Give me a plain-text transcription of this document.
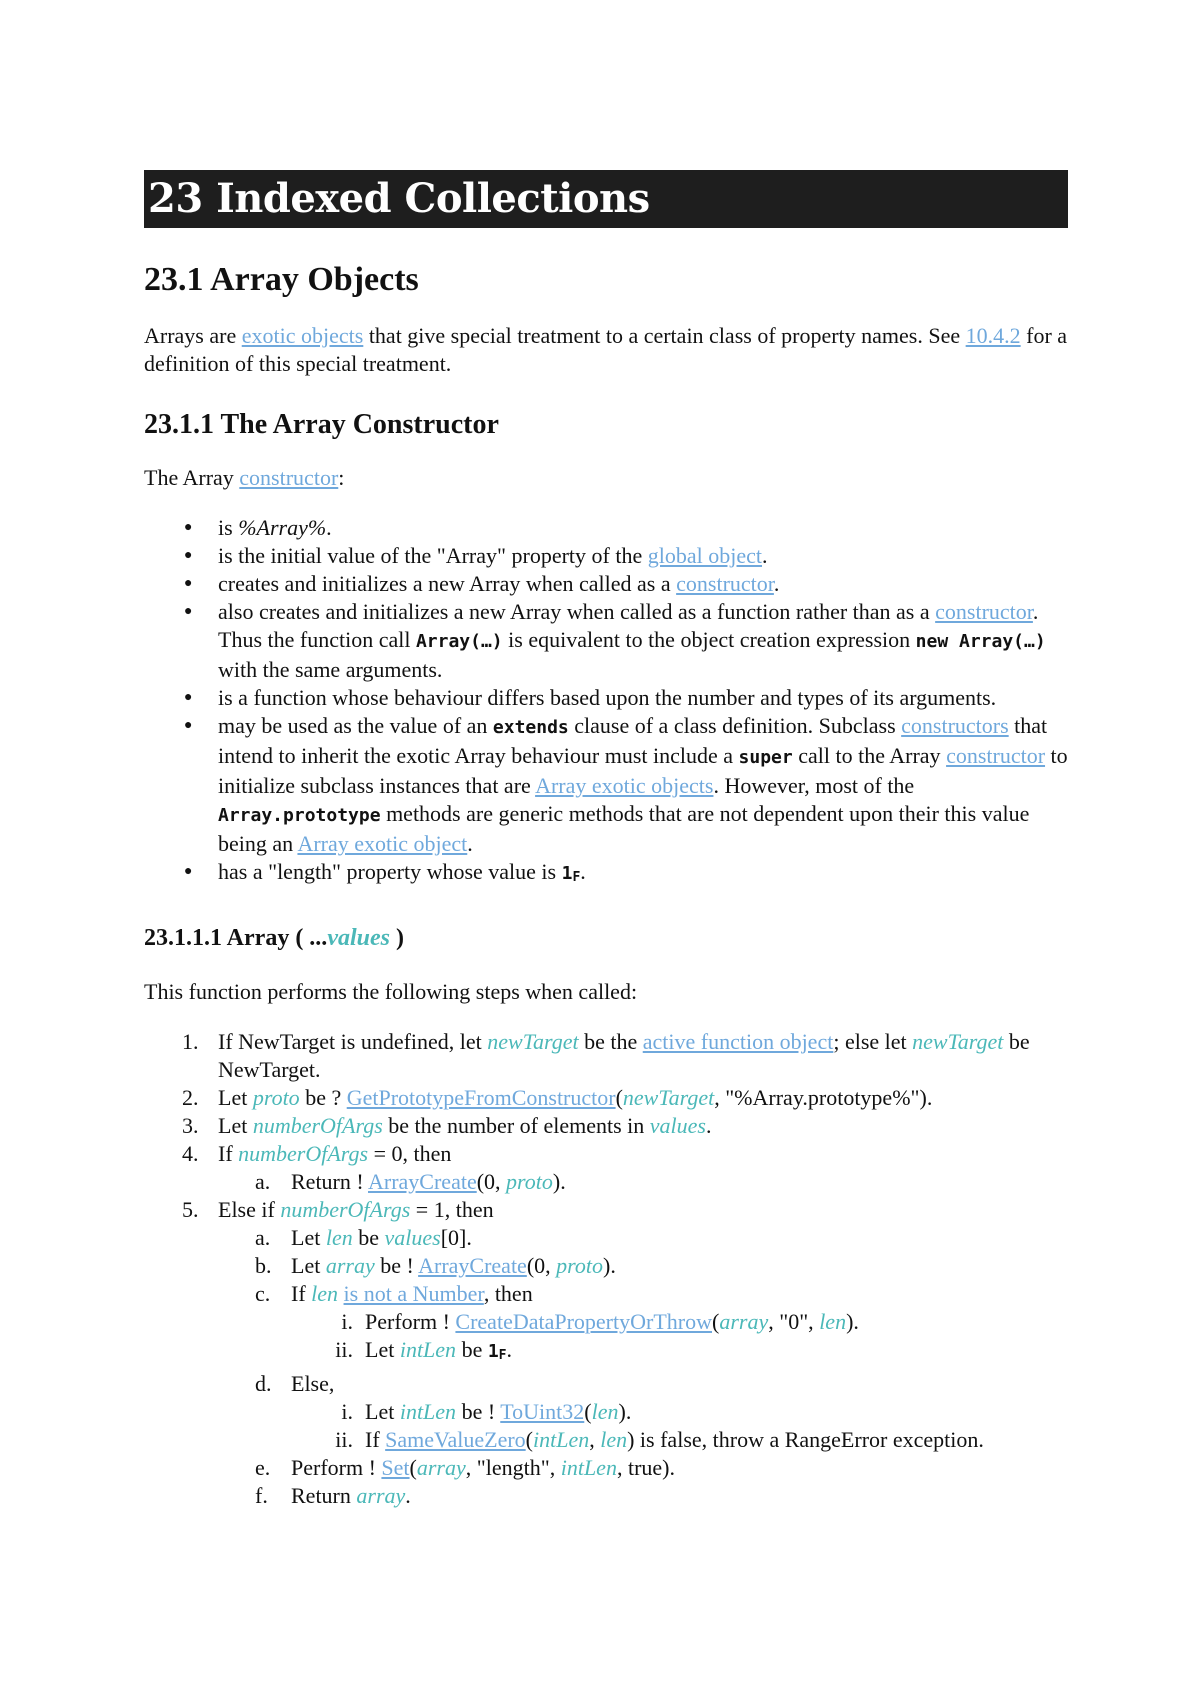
23 Indexed Collections
23.1 Array Objects

Arrays are exotic objects that give special treatment to a certain class of property names. See 10.4.2 for a definition of this special treatment.

23.1.1 The Array Constructor

The Array constructor:

● is %Array%.
● is the initial value of the "Array" property of the global object.
● creates and initializes a new Array when called as a constructor.
● also creates and initializes a new Array when called as a function rather than as a constructor. Thus the function call Array(…) is equivalent to the object creation expression new Array(…) with the same arguments.
● is a function whose behaviour differs based upon the number and types of its arguments.
● may be used as the value of an extends clause of a class definition. Subclass constructors that intend to inherit the exotic Array behaviour must include a super call to the Array constructor to initialize subclass instances that are Array exotic objects. However, most of the Array.prototype methods are generic methods that are not dependent upon their this value being an Array exotic object.
● has a "length" property whose value is 1F.
23.1.1.1 Array ( ...values )

This function performs the following steps when called:

1. If NewTarget is undefined, let newTarget be the active function object; else let newTarget be NewTarget.
2. Let proto be ? GetPrototypeFromConstructor(newTarget, "%Array.prototype%").
3. Let numberOfArgs be the number of elements in values.
4. If numberOfArgs = 0, then
a. Return ! ArrayCreate(0, proto).
5. Else if numberOfArgs = 1, then
a. Let len be values[0].
b. Let array be ! ArrayCreate(0, proto).
c. If len is not a Number, then
i. Perform ! CreateDataPropertyOrThrow(array, "0", len).
ii. Let intLen be 1F.
d. Else,
i. Let intLen be ! ToUint32(len).
ii. If SameValueZero(intLen, len) is false, throw a RangeError exception.
e. Perform ! Set(array, "length", intLen, true).
f.	Return array.
